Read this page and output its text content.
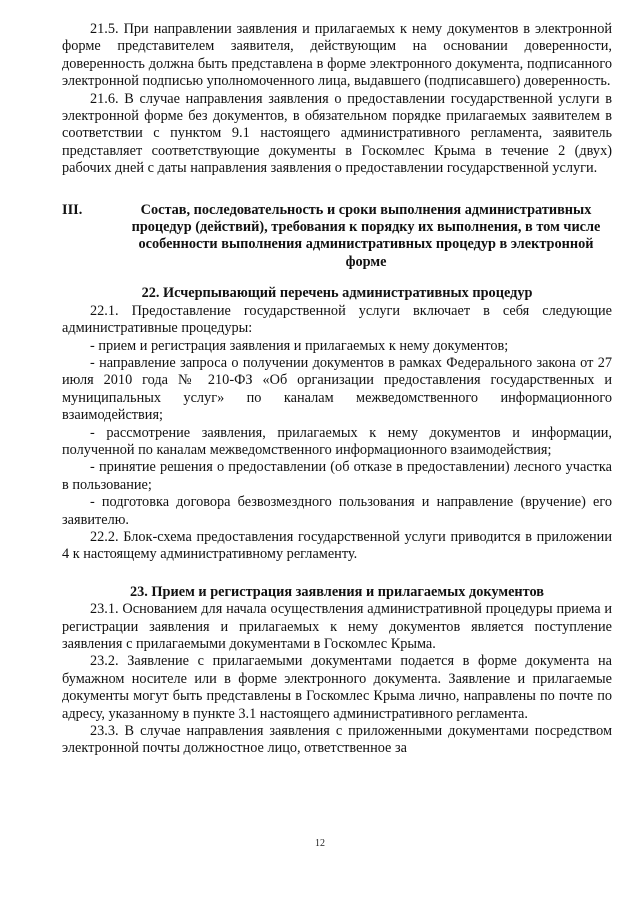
21.5. При направлении заявления и прилагаемых к нему документов в электронной форме представителем заявителя, действующим на основании доверенности, доверенность должна быть представлена в форме электронного документа, подписанного электронной подписью уполномоченного лица, выдавшего (подписавшего) доверенность.

21.6. В случае направления заявления о предоставлении государственной услуги в электронной форме без документов, в обязательном порядке прилагаемых заявителем в соответствии с пунктом 9.1 настоящего административного регламента, заявитель представляет соответствующие документы в Госкомлес Крыма в течение 2 (двух) рабочих дней с даты направления заявления о предоставлении государственной услуги.

III.	Состав, последовательность и сроки выполнения административных процедур (действий), требования к порядку их выполнения, в том числе особенности выполнения административных процедур в электронной форме

22. Исчерпывающий перечень административных процедур

22.1. Предоставление государственной услуги включает в себя следующие административные процедуры:

- прием и регистрация заявления и прилагаемых к нему документов;

- направление запроса о получении документов в рамках Федерального закона от 27 июля 2010 года № 210-ФЗ «Об организации предоставления государственных и муниципальных услуг» по каналам межведомственного информационного взаимодействия;

- рассмотрение заявления, прилагаемых к нему документов и информации, полученной по каналам межведомственного информационного взаимодействия;

- принятие решения о предоставлении (об отказе в предоставлении) лесного участка в пользование;

- подготовка договора безвозмездного пользования и направление (вручение) его заявителю.

22.2. Блок-схема предоставления государственной услуги приводится в приложении 4 к настоящему административному регламенту.

23. Прием и регистрация заявления и прилагаемых документов

23.1. Основанием для начала осуществления административной процедуры приема и регистрации заявления и прилагаемых к нему документов является поступление заявления с прилагаемыми документами в Госкомлес Крыма.

23.2. Заявление с прилагаемыми документами подается в форме документа на бумажном носителе или в форме электронного документа. Заявление и прилагаемые документы могут быть представлены в Госкомлес Крыма лично, направлены по почте по адресу, указанному в пункте 3.1 настоящего административного регламента.

23.3. В случае направления заявления с приложенными документами посредством электронной почты должностное лицо, ответственное за

12
